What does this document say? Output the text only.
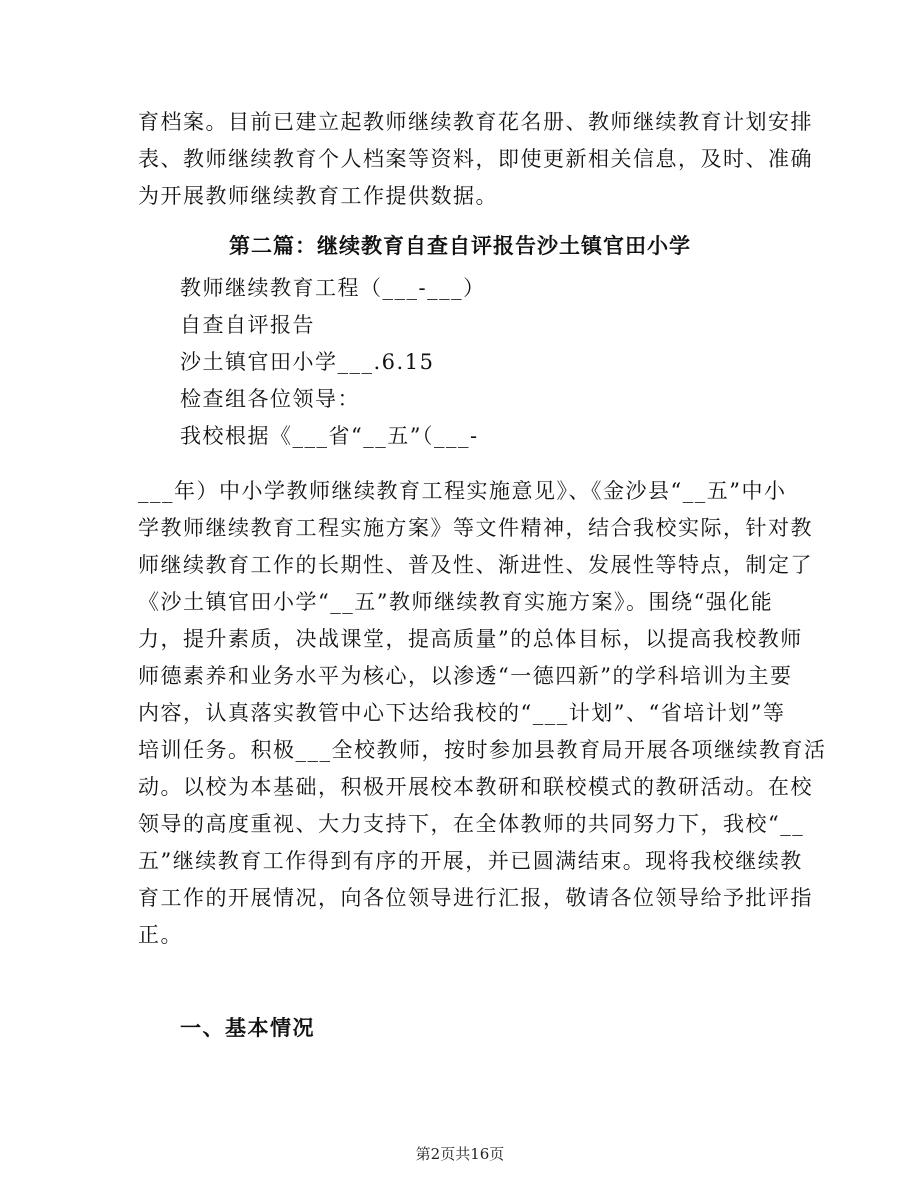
育档案。目前已建立起教师继续教育花名册、教师继续教育计划安排
表、教师继续教育个人档案等资料，即使更新相关信息，及时、准确
为开展教师继续教育工作提供数据。
第二篇：继续教育自查自评报告沙土镇官田小学
教师继续教育工程（___-___）
自查自评报告
沙土镇官田小学___.6.15
检查组各位领导：
我校根据《___省“__五”（___-
___年）中小学教师继续教育工程实施意见》、《金沙县“__五”中小
学教师继续教育工程实施方案》等文件精神，结合我校实际，针对教
师继续教育工作的长期性、普及性、渐进性、发展性等特点，制定了
《沙土镇官田小学“__五”教师继续教育实施方案》。围绕“强化能
力，提升素质，决战课堂，提高质量”的总体目标，以提高我校教师
师德素养和业务水平为核心，以渗透“一德四新”的学科培训为主要
内容，认真落实教管中心下达给我校的“___计划”、“省培计划”等
培训任务。积极___全校教师，按时参加县教育局开展各项继续教育活
动。以校为本基础，积极开展校本教研和联校模式的教研活动。在校
领导的高度重视、大力支持下，在全体教师的共同努力下，我校“__
五”继续教育工作得到有序的开展，并已圆满结束。现将我校继续教
育工作的开展情况，向各位领导进行汇报，敬请各位领导给予批评指
正。
一、基本情况
第2页共16页
